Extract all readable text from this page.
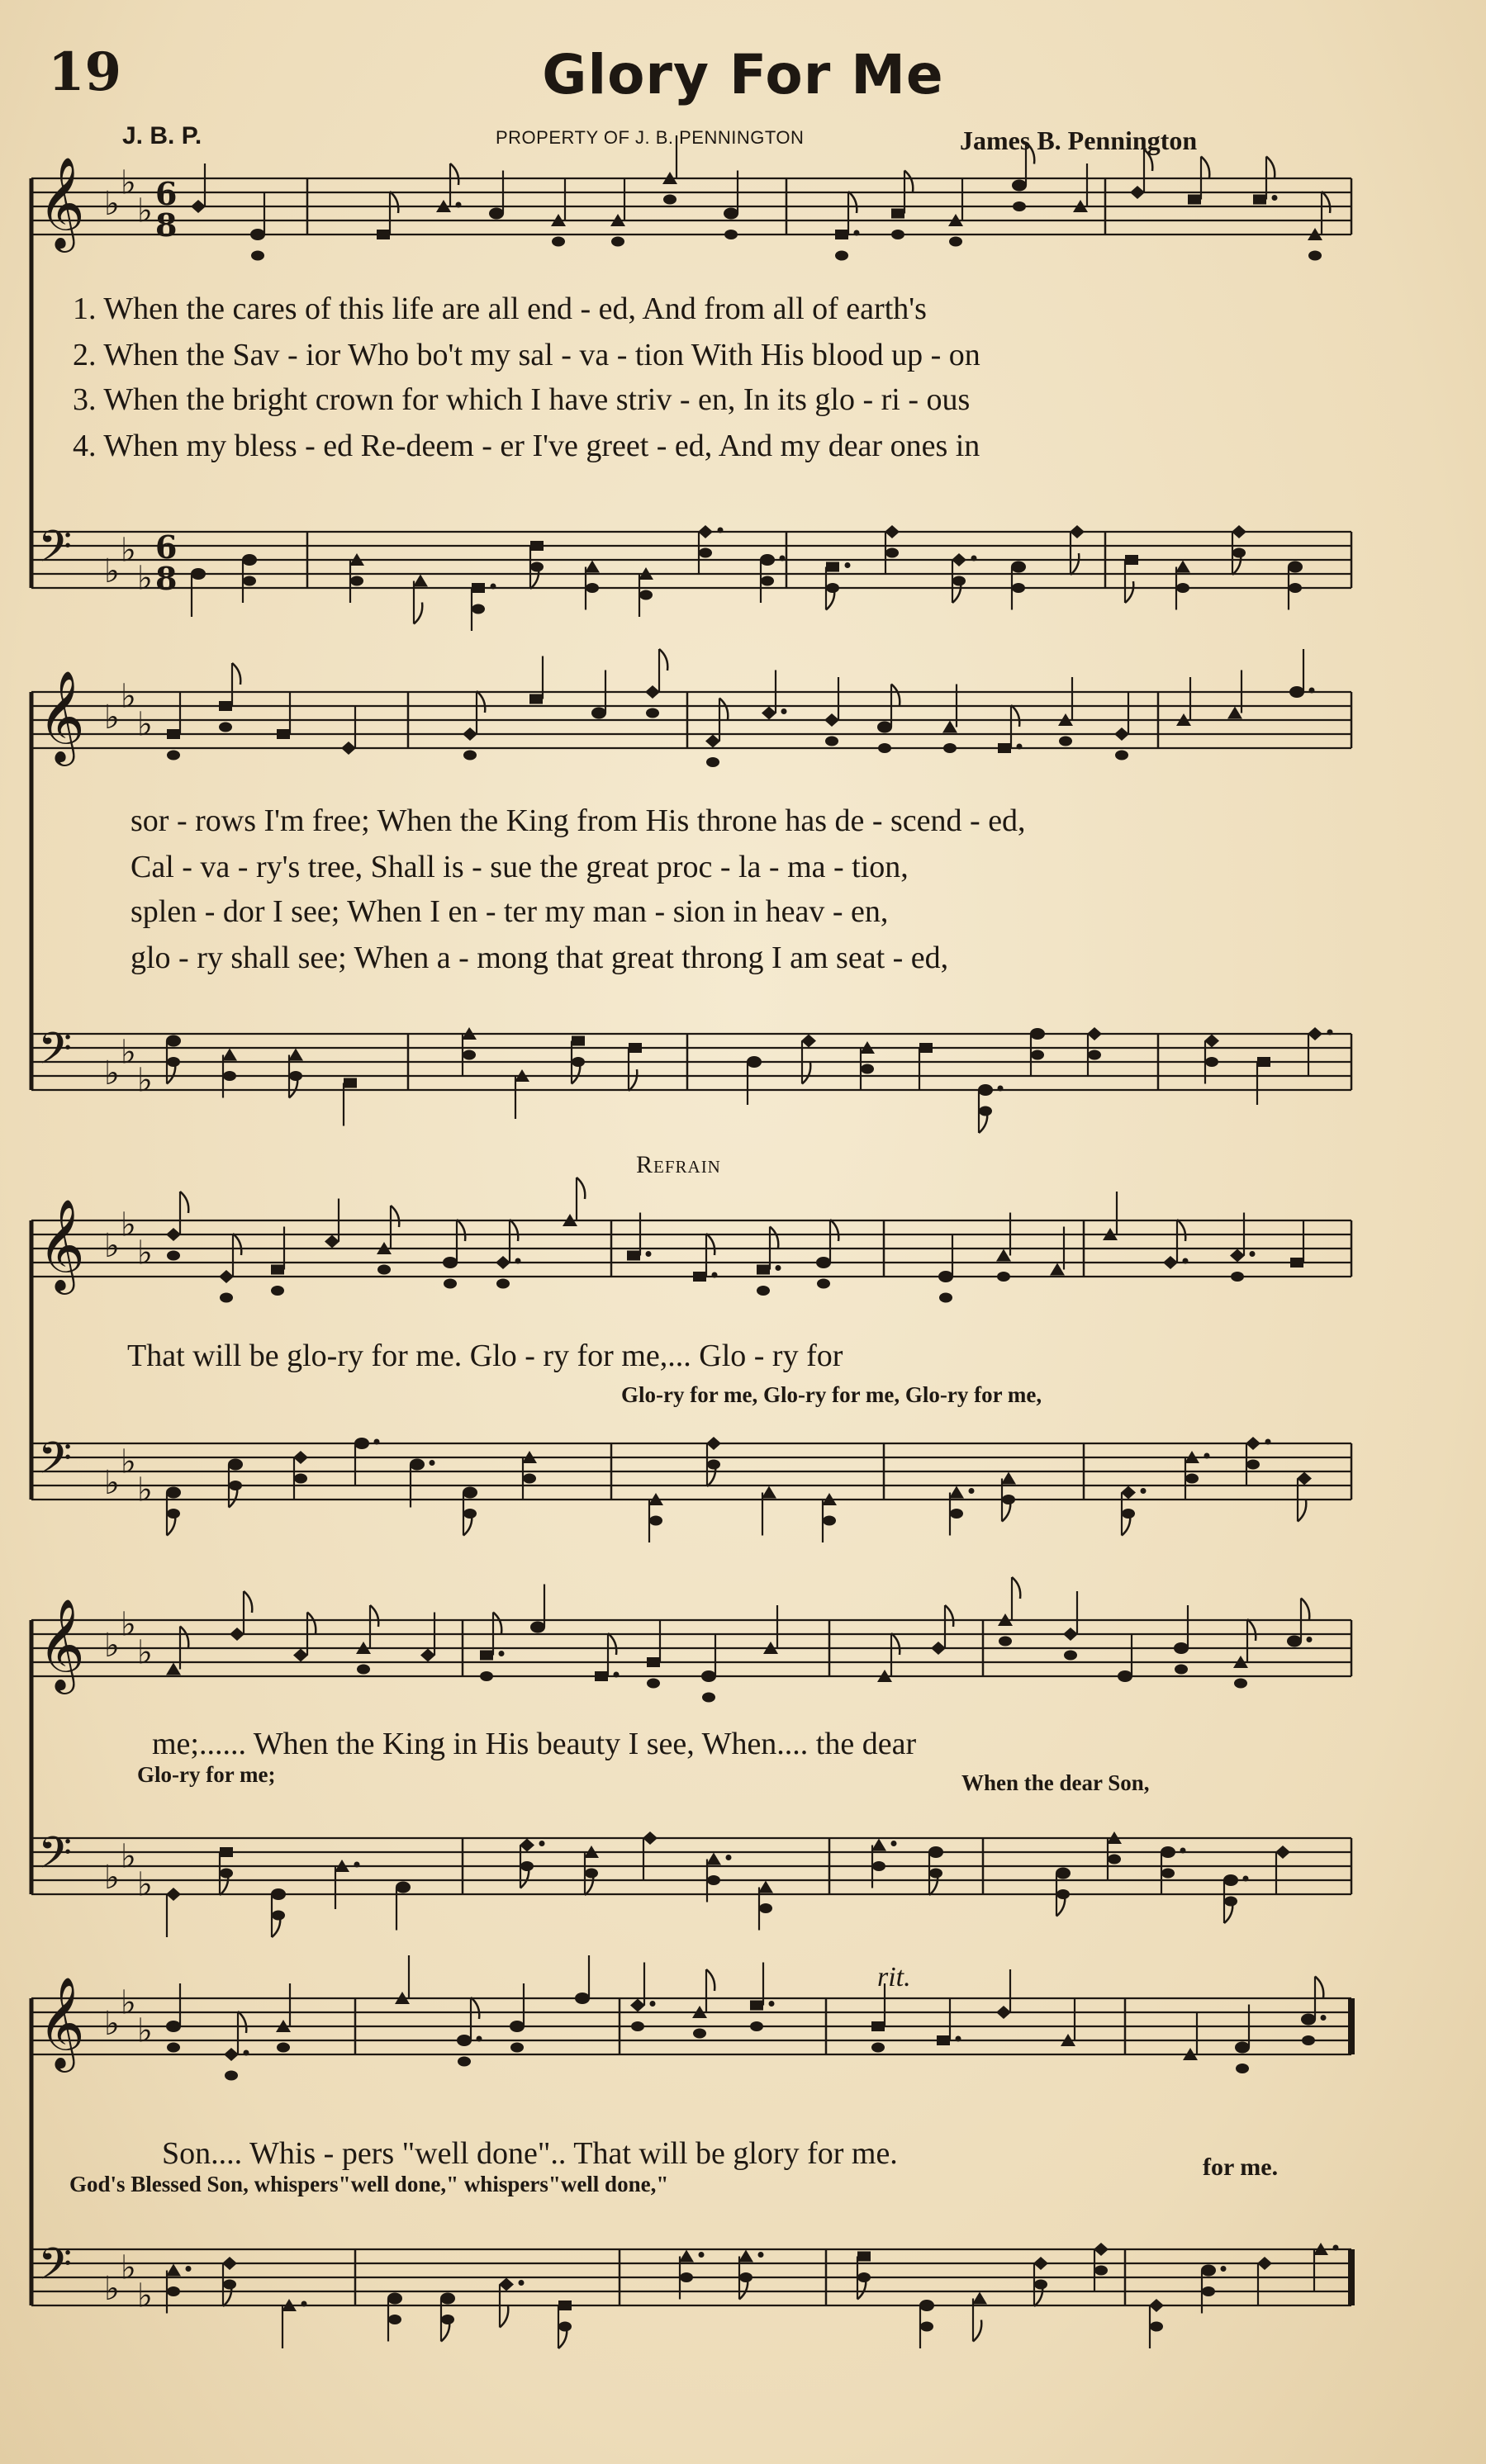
19	Glory For Me
J. B. P.	PROPERTY OF J. B. PENNINGTON	James B. Pennington
𝄞 ♭
♭
♭ 6
8
𝄢 ♭
♭
♭
6
8
𝄞 ♭
♭
♭
𝄢 ♭
♭
♭
𝄞 ♭
♭
♭
𝄢 ♭
♭
♭
𝄞 ♭
♭
♭
𝄢 ♭
♭
♭
𝄞 ♭
♭
♭
𝄢 ♭
♭
♭
1. When the cares of this life are all end - ed, And from all of earth's
2. When the Sav - ior Who bo't my sal - va - tion With His blood up - on
3. When the bright crown for which I have striv - en, In its glo - ri - ous
4. When my bless - ed Re-deem - er I've greet - ed, And my dear ones in
sor - rows I'm free; When the King from His throne has de - scend - ed,
Cal - va - ry's tree, Shall is - sue the great proc - la - ma - tion,
splen - dor I see; When I en - ter my man - sion in heav - en,
glo - ry shall see; When a - mong that great throng I am seat - ed,
Refrain
That will be glo-ry for me. Glo - ry for me,... Glo - ry for
Glo-ry for me, Glo-ry for me, Glo-ry for me,
me;...... When the King in His beauty I see, When.... the dear
Glo-ry for me;	When the dear Son,
rit.
Son.... Whis - pers "well done".. That will be glory for me.	for me.
God's Blessed Son, whispers"well done," whispers"well done,"
